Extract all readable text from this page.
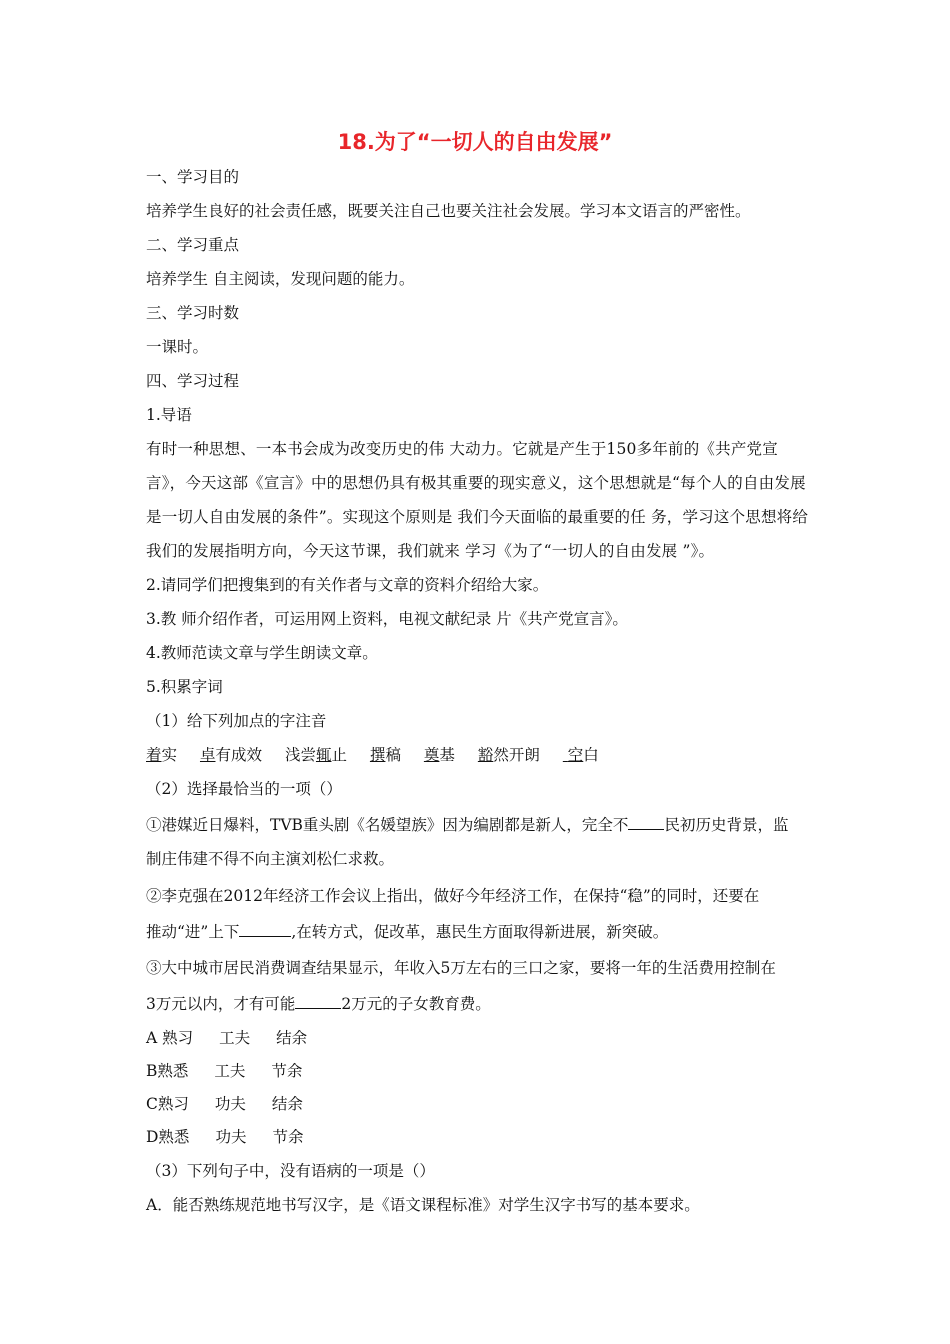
18.为了“一切人的自由发展”
一、学习目的
培养学生良好的社会责任感，既要关注自己也要关注社会发展。学习本文语言的严密性。
二、学习重点
培养学生 自主阅读，发现问题的能力。
三、学习时数
一课时。
四、学习过程
1.导语
有时一种思想、一本书会成为改变历史的伟 大动力。它就是产生于150多年前的《共产党宣
言》，今天这部《宣言》中的思想仍具有极其重要的现实意义，这个思想就是“每个人的自由发展
是一切人自由发展的条件”。实现这个原则是 我们今天面临的最重要的任 务，学习这个思想将给
我们的发展指明方向，今天这节课，我们就来 学习《为了“一切人的自由发展 ”》。
2.请同学们把搜集到的有关作者与文章的资料介绍给大家。
3.教 师介绍作者，可运用网上资料，电视文献纪录 片《共产党宣言》。
4.教师范读文章与学生朗读文章。
5.积累字词
（1）给下列加点的字注音
着实 卓有成效 浅尝辄止 撰稿 奠基 豁然开朗 空白
（2）选择最恰当的一项（）
①港媒近日爆料，TVB重头剧《名媛望族》因为编剧都是新人，完全不 民初历史背景，监
制庄伟建不得不向主演刘松仁求救。
②李克强在2012年经济工作会议上指出，做好今年经济工作，在保持“稳”的同时，还要在
推动“进”上下	,在转方式，促改革，惠民生方面取得新进展，新突破。
③大中城市居民消费调查结果显示，年收入5万左右的三口之家，要将一年的生活费用控制在
3万元以内，才有可能	2万元的子女教育费。
A 熟习 工夫 结余
B熟悉 工夫 节余
C熟习 功夫 结余
D熟悉 功夫 节余
（3）下列句子中，没有语病的一项是（）
A．能否熟练规范地书写汉字，是《语文课程标准》对学生汉字书写的基本要求。
